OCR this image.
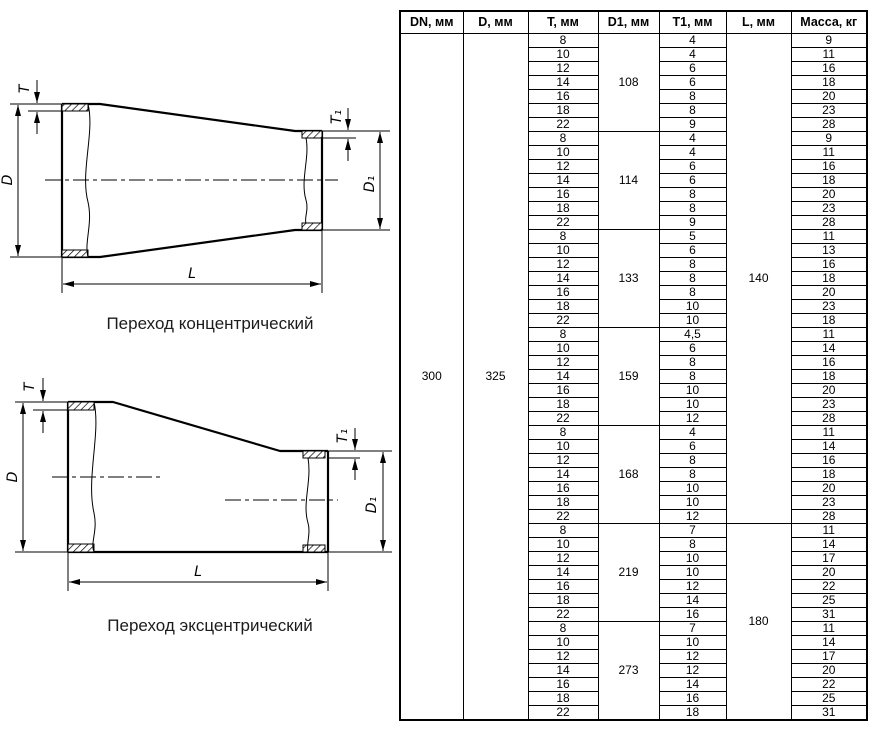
D
T
T₁
D₁
L
Переход концентрический
D
T
T₁
D₁
L
Переход эксцентрический
DN, мм	D, мм	T, мм	D1, мм	T1, мм	L, мм	Масса, кг
300	325	8	108	4	140	9
		10		4		11
		12		6		16
		14		6		18
		16		8		20
		18		8		23
		22		9		28
		8	114	4		9
		10		4		11
		12		6		16
		14		6		18
		16		8		20
		18		8		23
		22		9		28
		8	133	5		11
		10		6		13
		12		8		16
		14		8		18
		16		8		20
		18		10		23
		22		10		18
		8	159	4,5		11
		10		6		14
		12		8		16
		14		8		18
		16		10		20
		18		10		23
		22		12		28
		8	168	4		11
		10		6		14
		12		8		16
		14		8		18
		16		10		20
		18		10		23
		22		12		28
		8	219	7	180	11
		10		8		14
		12		10		17
		14		10		20
		16		12		22
		18		14		25
		22		16		31
		8	273	7		11
		10		10		14
		12		12		17
		14		12		20
		16		14		22
		18		16		25
		22		18		31
